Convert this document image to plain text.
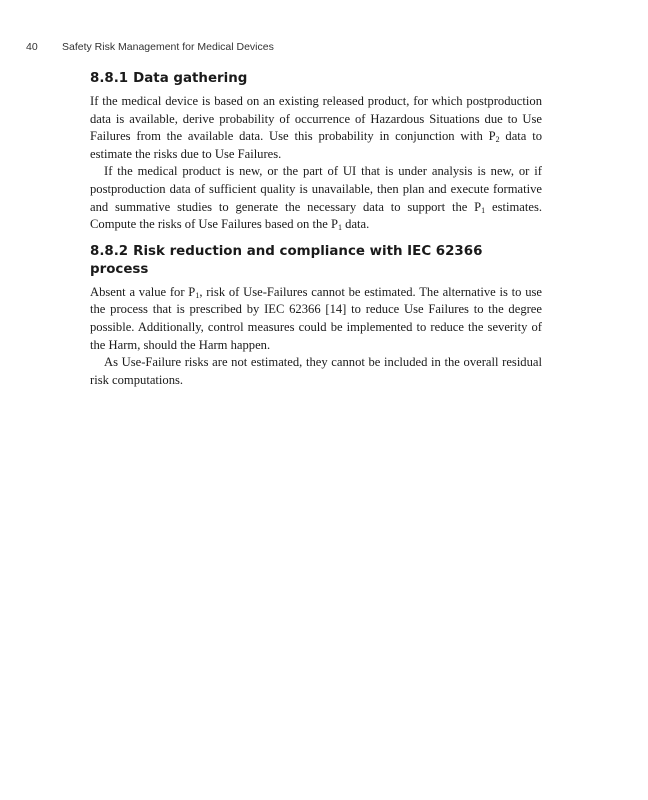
40 Safety Risk Management for Medical Devices
8.8.1 Data gathering

If the medical device is based on an existing released product, for which postproduction data is available, derive probability of occurrence of Hazardous Situations due to Use Failures from the available data. Use this probability in conjunction with $P_2$ data to estimate the risks due to Use Failures.

If the medical product is new, or the part of UI that is under analysis is new, or if postproduction data of sufficient quality is unavailable, then plan and execute formative and summative studies to generate the necessary data to support the $P_1$ estimates. Compute the risks of Use Failures based on the $P_1$ data.

8.8.2 Risk reduction and compliance with IEC 62366 process

Absent a value for $P_1$, risk of Use-Failures cannot be estimated. The alternative is to use the process that is prescribed by IEC 62366 [14] to reduce Use Failures to the degree possible. Additionally, control measures could be implemented to reduce the severity of the Harm, should the Harm happen.

As Use-Failure risks are not estimated, they cannot be included in the overall residual risk computations.
